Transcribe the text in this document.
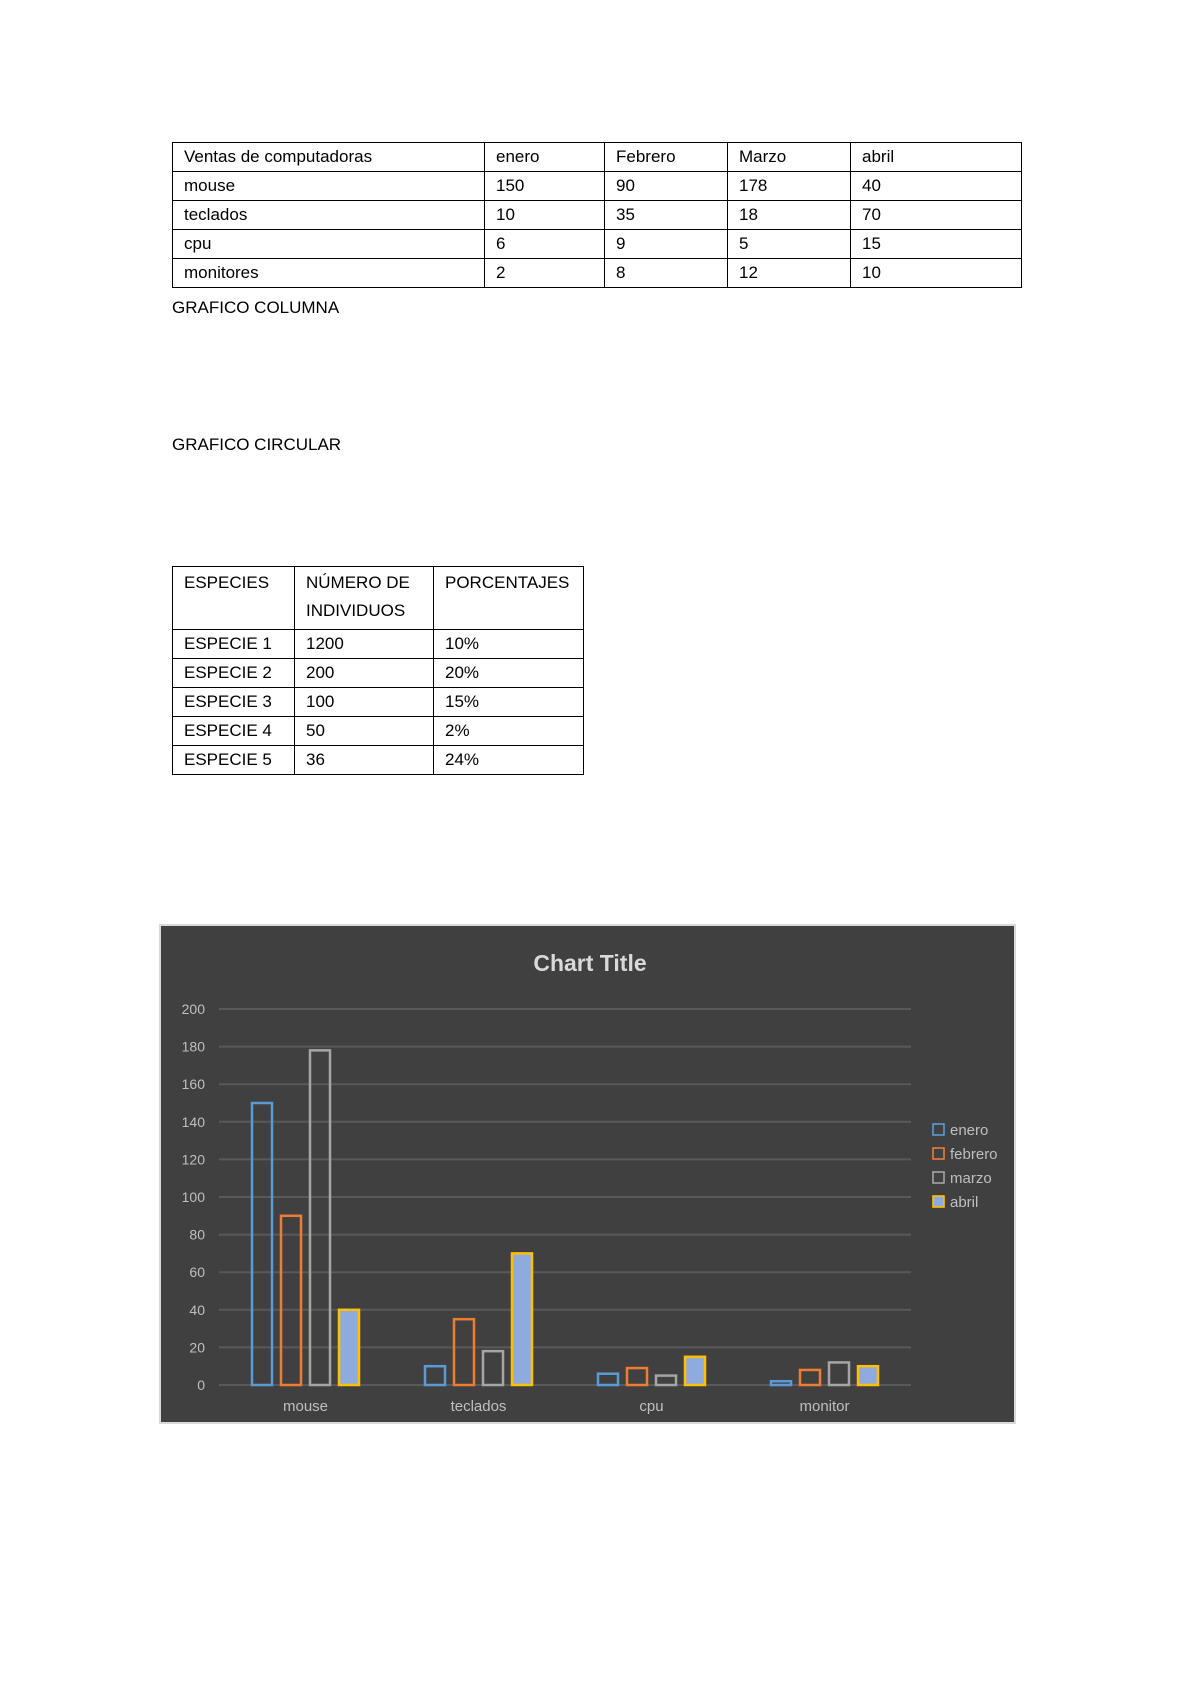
Ventas de computadoras	enero	Febrero	Marzo	abril
mouse	150	90	178	40
teclados	10	35	18	70
cpu	6	9	5	15
monitores	2	8	12	10
GRAFICO COLUMNA
GRAFICO CIRCULAR
ESPECIES	NÚMERO DE INDIVIDUOS	PORCENTAJES
ESPECIE 1	1200	10%
ESPECIE 2	200	20%
ESPECIE 3	100	15%
ESPECIE 4	50	2%
ESPECIE 5	36	24%
Chart Title
0
20
40
60
80
100
120
140
160
180
200
mouse	teclados	cpu	monitor
enero
febrero
marzo
abril
